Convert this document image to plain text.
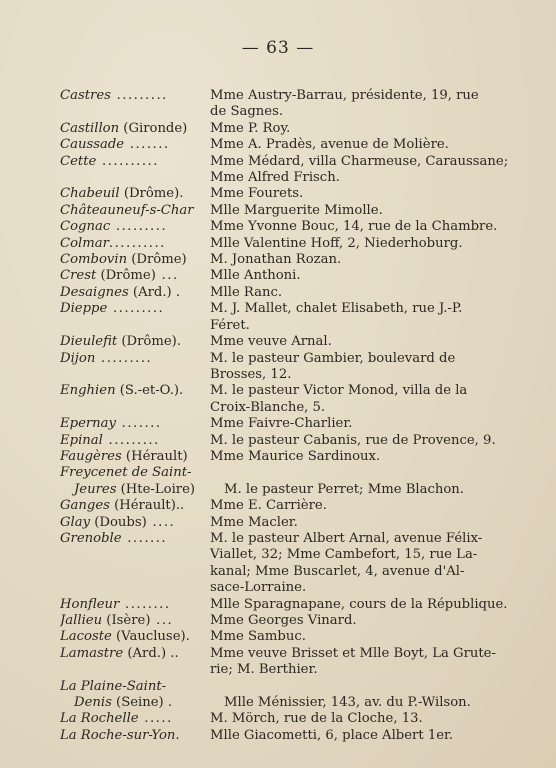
— 63 —
Castres .........	Mme Austry-Barrau, présidente, 19, rue
de Sagnes.
Castillon (Gironde)	Mme P. Roy.
Caussade .......	Mme A. Pradès, avenue de Molière.
Cette ..........	Mme Médard, villa Charmeuse, Caraussane;
Mme Alfred Frisch.
Chabeuil (Drôme).	Mme Fourets.
Châteauneuf-s-Char	Mlle Marguerite Mimolle.
Cognac .........	Mme Yvonne Bouc, 14, rue de la Chambre.
Colmar..........	Mlle Valentine Hoff, 2, Niederhoburg.
Combovin (Drôme)	M. Jonathan Rozan.
Crest (Drôme) ...	Mlle Anthoni.
Desaignes (Ard.) .	Mlle Ranc.
Dieppe .........	M. J. Mallet, chalet Elisabeth, rue J.-P.
Féret.
Dieulefit (Drôme).	Mme veuve Arnal.
Dijon .........	M. le pasteur Gambier, boulevard de
Brosses, 12.
Enghien (S.-et-O.).	M. le pasteur Victor Monod, villa de la
Croix-Blanche, 5.
Epernay .......	Mme Faivre-Charlier.
Epinal .........	M. le pasteur Cabanis, rue de Provence, 9.
Faugères (Hérault)	Mme Maurice Sardinoux.
Freycenet de Saint-
Jeures (Hte-Loire)	M. le pasteur Perret; Mme Blachon.
Ganges (Hérault)..	Mme E. Carrière.
Glay (Doubs) ....	Mme Macler.
Grenoble .......	M. le pasteur Albert Arnal, avenue Félix-
Viallet, 32; Mme Cambefort, 15, rue La-
kanal; Mme Buscarlet, 4, avenue d'Al-
sace-Lorraine.
Honfleur ........	Mlle Sparagnapane, cours de la République.
Jallieu (Isère) ...	Mme Georges Vinard.
Lacoste (Vaucluse).	Mme Sambuc.
Lamastre (Ard.) ..	Mme veuve Brisset et Mlle Boyt, La Grute-
rie; M. Berthier.
La Plaine-Saint-
Denis (Seine) .	Mlle Ménissier, 143, av. du P.-Wilson.
La Rochelle .....	M. Mörch, rue de la Cloche, 13.
La Roche-sur-Yon.	Mlle Giacometti, 6, place Albert 1er.
